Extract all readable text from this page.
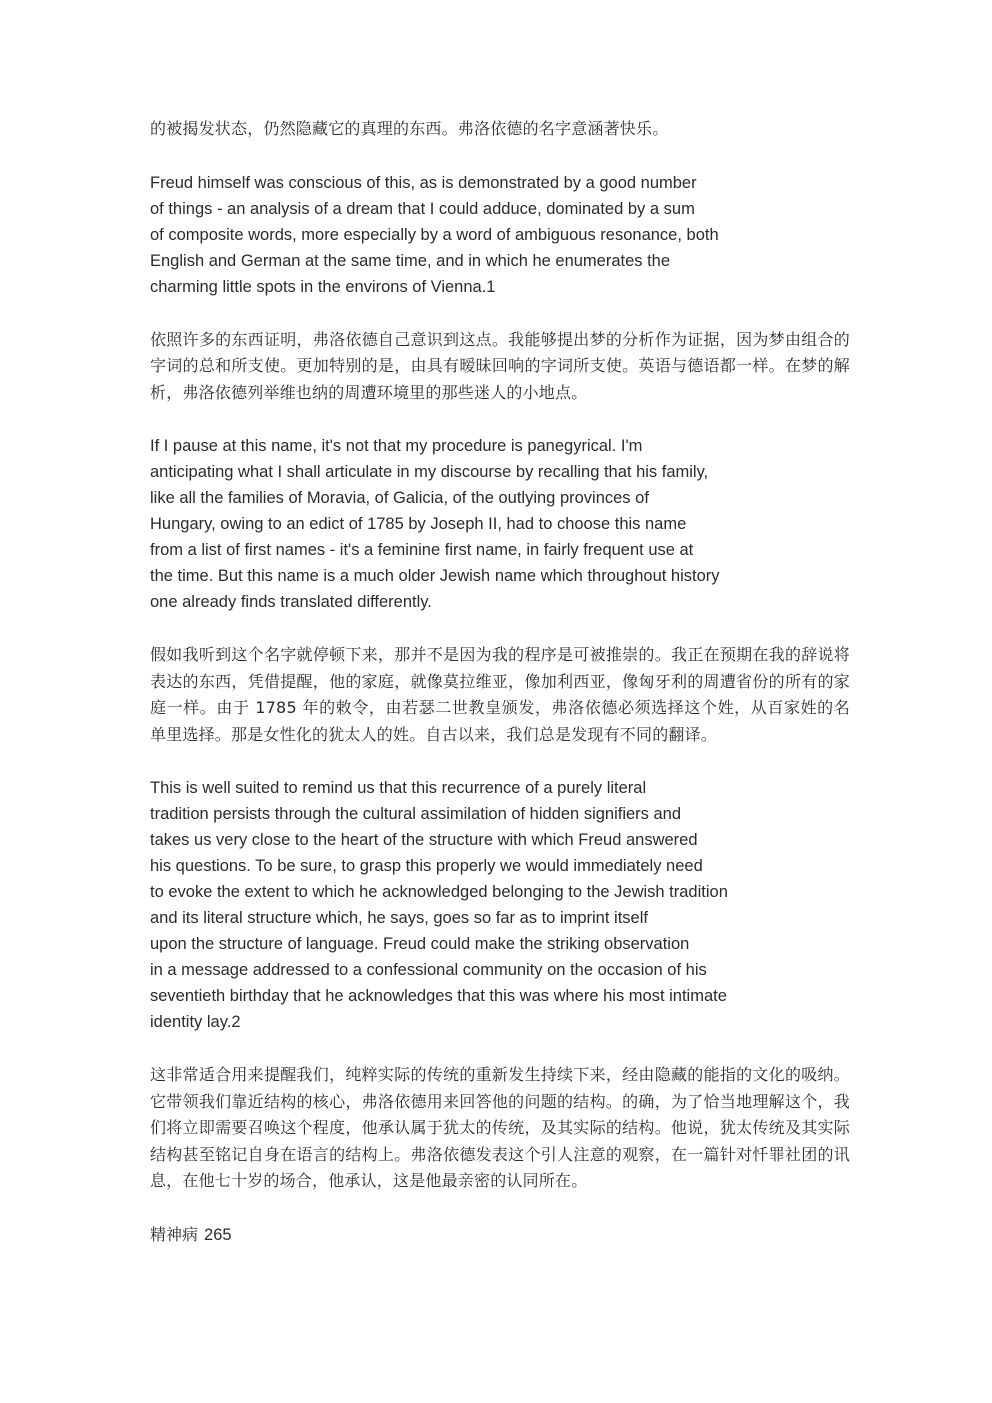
的被揭发状态，仍然隐藏它的真理的东西。弗洛依德的名字意涵著快乐。

Freud himself was conscious of this, as is demonstrated by a good number
of things - an analysis of a dream that I could adduce, dominated by a sum
of composite words, more especially by a word of ambiguous resonance, both
English and German at the same time, and in which he enumerates the
charming little spots in the environs of Vienna.1

依照许多的东西证明，弗洛依德自己意识到这点。我能够提出梦的分析作为证据，因为梦由组合的字词的总和所支使。更加特别的是，由具有暧昧回响的字词所支使。英语与德语都一样。在梦的解析，弗洛依德列举维也纳的周遭环境里的那些迷人的小地点。

If I pause at this name, it's not that my procedure is panegyrical. I'm
anticipating what I shall articulate in my discourse by recalling that his family,
like all the families of Moravia, of Galicia, of the outlying provinces of
Hungary, owing to an edict of 1785 by Joseph II, had to choose this name
from a list of first names - it's a feminine first name, in fairly frequent use at
the time. But this name is a much older Jewish name which throughout history
one already finds translated differently.

假如我听到这个名字就停顿下来，那并不是因为我的程序是可被推崇的。我正在预期在我的辞说将表达的东西，凭借提醒，他的家庭，就像莫拉维亚，像加利西亚，像匈牙利的周遭省份的所有的家庭一样。由于 1785 年的敕令，由若瑟二世教皇颁发，弗洛依德必须选择这个姓，从百家姓的名单里选择。那是女性化的犹太人的姓。自古以来，我们总是发现有不同的翻译。

This is well suited to remind us that this recurrence of a purely literal
tradition persists through the cultural assimilation of hidden signifiers and
takes us very close to the heart of the structure with which Freud answered
his questions. To be sure, to grasp this properly we would immediately need
to evoke the extent to which he acknowledged belonging to the Jewish tradition
and its literal structure which, he says, goes so far as to imprint itself
upon the structure of language. Freud could make the striking observation
in a message addressed to a confessional community on the occasion of his
seventieth birthday that he acknowledges that this was where his most intimate
identity lay.2

这非常适合用来提醒我们，纯粹实际的传统的重新发生持续下来，经由隐藏的能指的文化的吸纳。它带领我们靠近结构的核心，弗洛依德用来回答他的问题的结构。的确，为了恰当地理解这个，我们将立即需要召唤这个程度，他承认属于犹太的传统，及其实际的结构。他说，犹太传统及其实际结构甚至铭记自身在语言的结构上。弗洛依德发表这个引人注意的观察，在一篇针对忏罪社团的讯息，在他七十岁的场合，他承认，这是他最亲密的认同所在。

精神病 265
